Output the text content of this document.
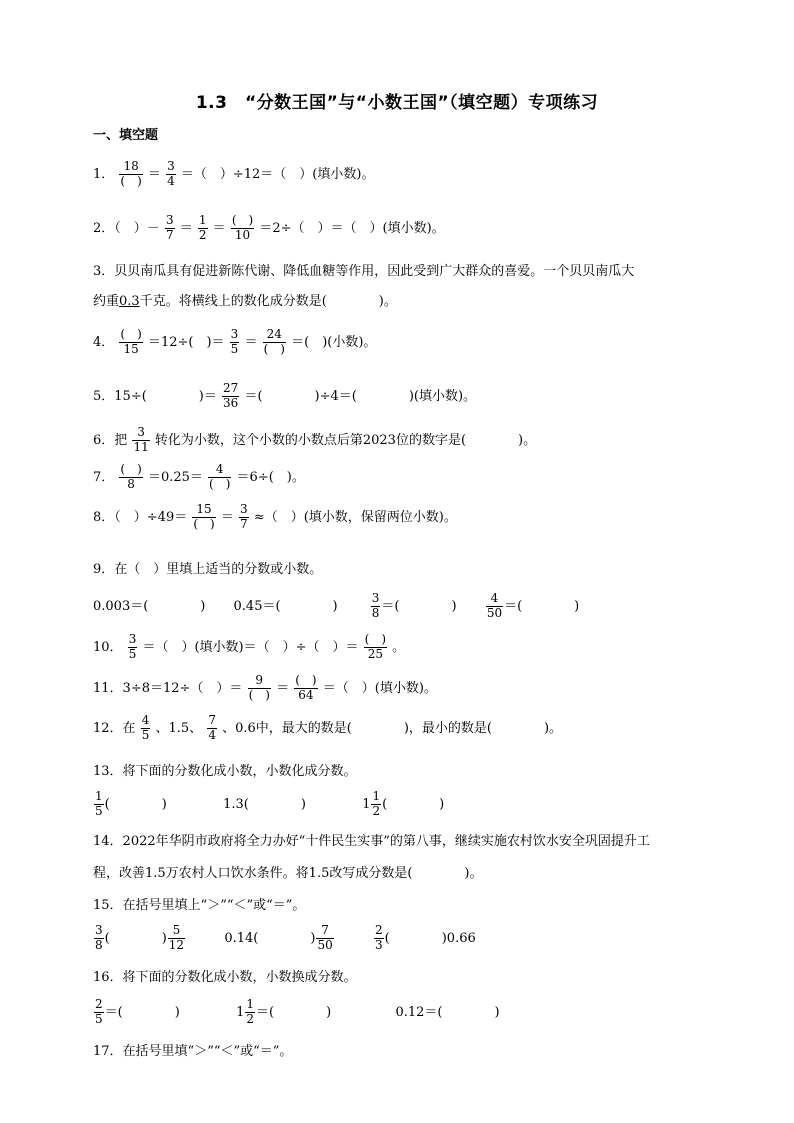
1.3　“分数王国”与“小数王国”（填空题）专项练习
一、填空题
1． $\frac{18}{( )} = \frac{3}{4}$ ＝（　）÷12＝（　）(填小数)。
2．（　）－ $\frac{3}{7} = \frac{1}{2} = \frac{( )}{10} =2\div$（　）＝（　）(填小数)。
3．贝贝南瓜具有促进新陈代谢、降低血糖等作用，因此受到广大群众的喜爱。一个贝贝南瓜大
约重0.3千克。将横线上的数化成分数是(　　　　)。
4． $\frac{( )}{15} =12\div$(　)＝ $\frac{3}{5} = \frac{24}{( )}$ ＝(　)(小数)。
5．15÷(　　　　)＝ $\frac{27}{36}$ ＝(　　　　)÷4＝(　　　　)(填小数)。
6．把 $\frac{3}{11}$ 转化为小数，这个小数的小数点后第2023位的数字是(　　　　)。
7． $\frac{( )}{8} =0.25= \frac{4}{( )} =6\div$(　)。
8．（　）$\div 49= \frac{15}{( )} = \frac{3}{7}$ ≈（　）(填小数，保留两位小数)。
9．在（　）里填上适当的分数或小数。
0.003＝(　　　　) 0.45＝(　　　　)	$\frac{3}{8}$ ＝(　　　　) $\frac{4}{50}$ ＝(　　　　)
10． $\frac{3}{5}$ ＝（　）(填小数)＝（　）÷（　）＝ $\frac{( )}{25}$ 。
11．3÷8＝12÷（　）＝ $\frac{9}{( )} = \frac{( )}{64}$ ＝（　）(填小数)。
12．在 $\frac{4}{5}$ 、1.5、 $\frac{7}{4}$ 、0.6中，最大的数是(　　　　)，最小的数是(　　　　)。
13．将下面的分数化成小数，小数化成分数。
$\frac{1}{5}$ (　　　　)	1.3(　　　　)	$1 \frac{1}{2}$ (　　　　)
14．2022年华阴市政府将全力办好“十件民生实事”的第八事，继续实施农村饮水安全巩固提升工
程，改善1.5万农村人口饮水条件。将1.5改写成分数是(　　　　)。
15．在括号里填上“＞”“＜”或“＝”。
$\frac{3}{8}$ (　　　　) $\frac{5}{12}$	0.14(　　　　) $\frac{7}{50}$
	$\frac{2}{3}$ (　　　　)0.66
16．将下面的分数化成小数，小数换成分数。
$\frac{2}{5}$ ＝(　　　　)	$1 \frac{1}{2}$ ＝(　　　　)	0.12＝(　　　　)
17．在括号里填“＞”“＜”或“＝”。
